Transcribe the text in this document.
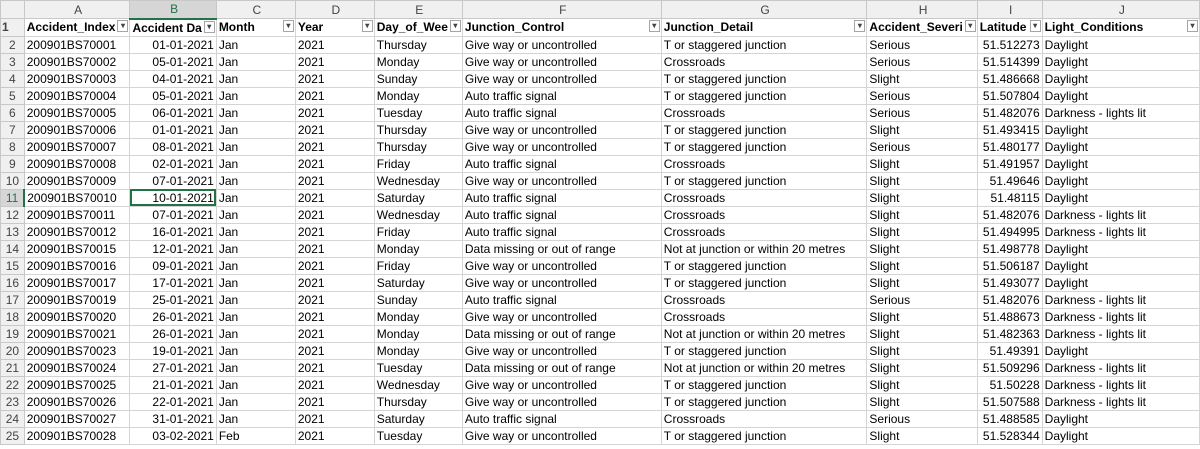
	A	B	C	D	E	F	G	H	I	J
1	Accident_Index ▾	Accident Da ▾	Month ▾	Year ▾	Day_of_Wee ▾	Junction_Control ▾	Junction_Detail ▾	Accident_Severi ▾	Latitude ▾	Light_Conditions ▾

2	200901BS70001	01-01-2021	Jan	2021	Thursday	Give way or uncontrolled	T or staggered junction	Serious	51.512273	Daylight
3	200901BS70002	05-01-2021	Jan	2021	Monday	Give way or uncontrolled	Crossroads	Serious	51.514399	Daylight
4	200901BS70003	04-01-2021	Jan	2021	Sunday	Give way or uncontrolled	T or staggered junction	Slight	51.486668	Daylight
5	200901BS70004	05-01-2021	Jan	2021	Monday	Auto traffic signal	T or staggered junction	Serious	51.507804	Daylight
6	200901BS70005	06-01-2021	Jan	2021	Tuesday	Auto traffic signal	Crossroads	Serious	51.482076	Darkness - lights lit
7	200901BS70006	01-01-2021	Jan	2021	Thursday	Give way or uncontrolled	T or staggered junction	Slight	51.493415	Daylight
8	200901BS70007	08-01-2021	Jan	2021	Thursday	Give way or uncontrolled	T or staggered junction	Serious	51.480177	Daylight
9	200901BS70008	02-01-2021	Jan	2021	Friday	Auto traffic signal	Crossroads	Slight	51.491957	Daylight
10	200901BS70009	07-01-2021	Jan	2021	Wednesday	Give way or uncontrolled	T or staggered junction	Slight	51.49646	Daylight
11	200901BS70010	10-01-2021	Jan	2021	Saturday	Auto traffic signal	Crossroads	Slight	51.48115	Daylight
12	200901BS70011	07-01-2021	Jan	2021	Wednesday	Auto traffic signal	Crossroads	Slight	51.482076	Darkness - lights lit
13	200901BS70012	16-01-2021	Jan	2021	Friday	Auto traffic signal	Crossroads	Slight	51.494995	Darkness - lights lit
14	200901BS70015	12-01-2021	Jan	2021	Monday	Data missing or out of range	Not at junction or within 20 metres	Slight	51.498778	Daylight
15	200901BS70016	09-01-2021	Jan	2021	Friday	Give way or uncontrolled	T or staggered junction	Slight	51.506187	Daylight
16	200901BS70017	17-01-2021	Jan	2021	Saturday	Give way or uncontrolled	T or staggered junction	Slight	51.493077	Daylight
17	200901BS70019	25-01-2021	Jan	2021	Sunday	Auto traffic signal	Crossroads	Serious	51.482076	Darkness - lights lit
18	200901BS70020	26-01-2021	Jan	2021	Monday	Give way or uncontrolled	Crossroads	Slight	51.488673	Darkness - lights lit
19	200901BS70021	26-01-2021	Jan	2021	Monday	Data missing or out of range	Not at junction or within 20 metres	Slight	51.482363	Darkness - lights lit
20	200901BS70023	19-01-2021	Jan	2021	Monday	Give way or uncontrolled	T or staggered junction	Slight	51.49391	Daylight
21	200901BS70024	27-01-2021	Jan	2021	Tuesday	Data missing or out of range	Not at junction or within 20 metres	Slight	51.509296	Darkness - lights lit
22	200901BS70025	21-01-2021	Jan	2021	Wednesday	Give way or uncontrolled	T or staggered junction	Slight	51.50228	Darkness - lights lit
23	200901BS70026	22-01-2021	Jan	2021	Thursday	Give way or uncontrolled	T or staggered junction	Slight	51.507588	Darkness - lights lit
24	200901BS70027	31-01-2021	Jan	2021	Saturday	Auto traffic signal	Crossroads	Serious	51.488585	Daylight
25	200901BS70028	03-02-2021	Feb	2021	Tuesday	Give way or uncontrolled	T or staggered junction	Slight	51.528344	Daylight
